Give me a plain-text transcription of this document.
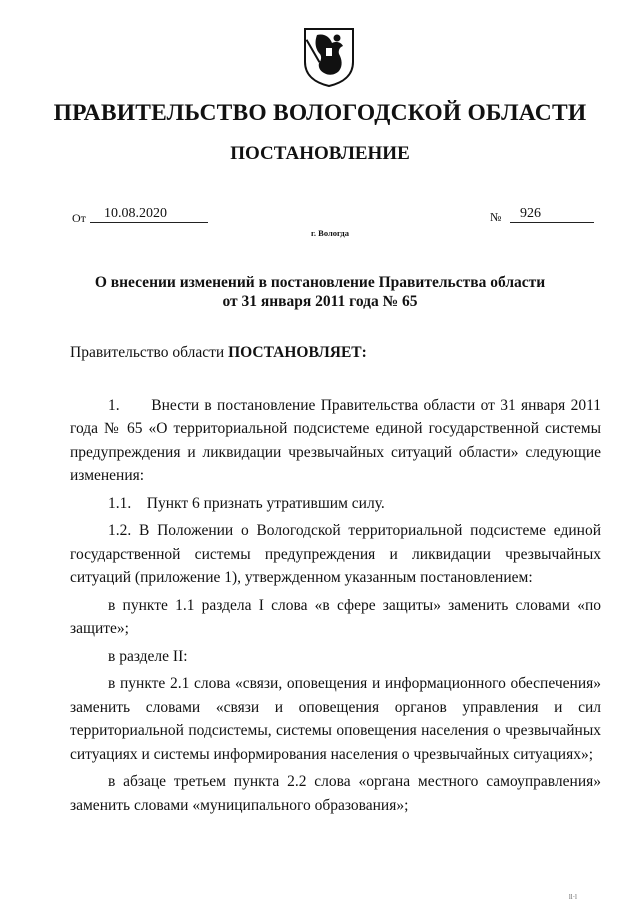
ПРАВИТЕЛЬСТВО ВОЛОГОДСКОЙ ОБЛАСТИ
ПОСТАНОВЛЕНИЕ
От	10.08.2020
г. Вологда
№	926
О внесении изменений в постановление Правительства области
от 31 января 2011 года № 65

Правительство области ПОСТАНОВЛЯЕТ:

1.      Внести в постановление Правительства области от 31 января 2011 года № 65 «О территориальной подсистеме единой государственной системы предупреждения и ликвидации чрезвычайных ситуаций области» следующие изменения:

1.1.    Пункт 6 признать утратившим силу.

1.2. В Положении о Вологодской территориальной подсистеме единой государственной системы предупреждения и ликвидации чрезвычайных ситуаций (приложение 1), утвержденном указанным постановлением:

в пункте 1.1 раздела I слова «в сфере защиты» заменить словами «по защите»;

в разделе II:

в пункте 2.1 слова «связи, оповещения и информационного обеспечения» заменить словами «связи и оповещения органов управления и сил территориальной подсистемы, системы оповещения населения о чрезвычайных ситуациях и системы информирования населения о чрезвычайных ситуациях»;

в абзаце третьем пункта 2.2 слова «органа местного самоуправления» заменить словами «муниципального образования»;

ll·l
